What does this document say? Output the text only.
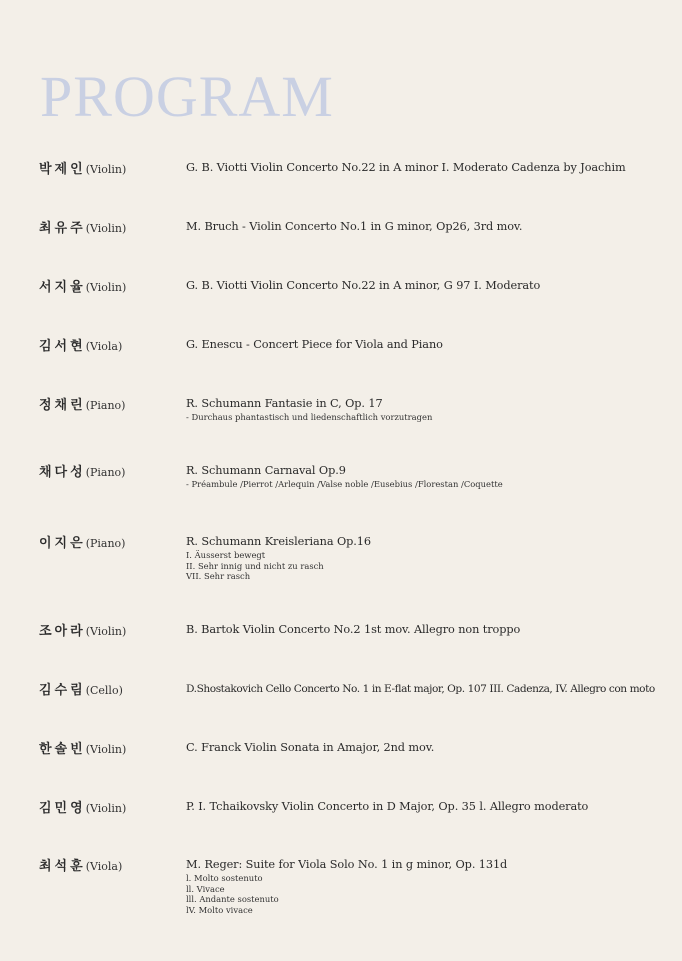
PROGRAM
박제인(Violin)	G. B. Viotti Violin Concerto No.22 in A minor I. Moderato Cadenza by Joachim
최유주(Violin)	M. Bruch - Violin Concerto No.1 in G minor, Op26, 3rd mov.
서지율(Violin)	G. B. Viotti Violin Concerto No.22 in A minor, G 97 I. Moderato
김서현(Viola)	G. Enescu - Concert Piece for Viola and Piano
정채린(Piano)	R. Schumann Fantasie in C, Op. 17
- Durchaus phantastisch und liedenschaftlich vorzutragen
채다성(Piano)	R. Schumann Carnaval Op.9
- Préambule /Pierrot /Arlequin /Valse noble /Eusebius /Florestan /Coquette
이지은(Piano)	R. Schumann Kreisleriana Op.16
I. Äusserst bewegt
II. Sehr innig und nicht zu rasch
VII. Sehr rasch
조아라(Violin)	B. Bartok Violin Concerto No.2 1st mov. Allegro non troppo
김수림(Cello)	D.Shostakovich Cello Concerto No. 1 in E-flat major, Op. 107 III. Cadenza, IV. Allegro con moto
한솔빈(Violin)	C. Franck Violin Sonata in Amajor, 2nd mov.
김민영(Violin)	P. I. Tchaikovsky Violin Concerto in D Major, Op. 35 l. Allegro moderato
최석훈(Viola)	M. Reger: Suite for Viola Solo No. 1 in g minor, Op. 131d
l. Molto sostenuto
ll. Vivace
lll. Andante sostenuto
lV. Molto vivace
